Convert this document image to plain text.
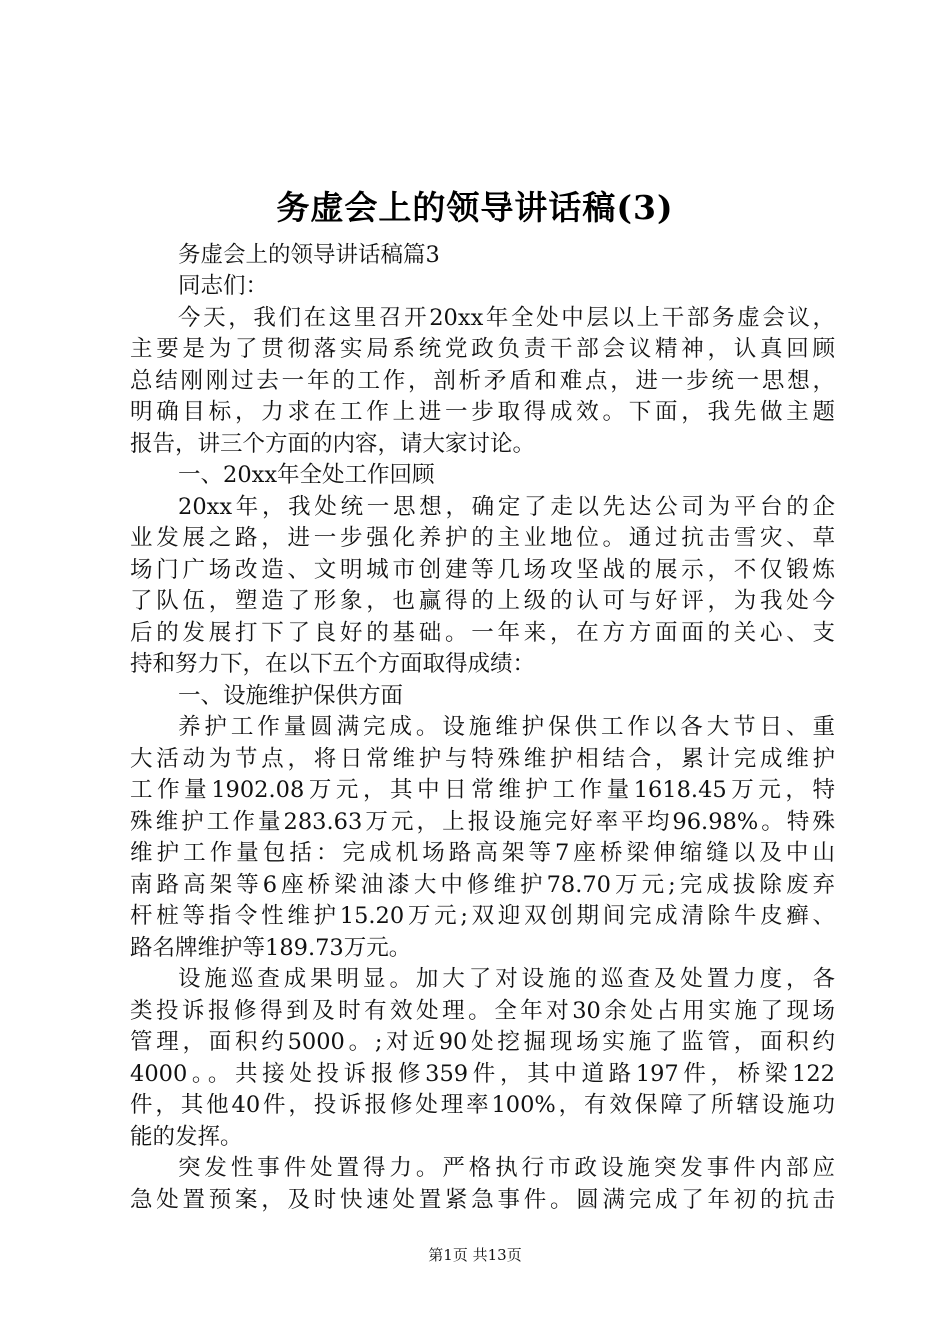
务虚会上的领导讲话稿(3)
务虚会上的领导讲话稿篇3
同志们：
今天，我们在这里召开20xx年全处中层以上干部务虚会议，
主要是为了贯彻落实局系统党政负责干部会议精神，认真回顾
总结刚刚过去一年的工作，剖析矛盾和难点，进一步统一思想，
明确目标，力求在工作上进一步取得成效。下面，我先做主题
报告，讲三个方面的内容，请大家讨论。
一、20xx年全处工作回顾
20xx年，我处统一思想，确定了走以先达公司为平台的企
业发展之路，进一步强化养护的主业地位。通过抗击雪灾、草
场门广场改造、文明城市创建等几场攻坚战的展示，不仅锻炼
了队伍，塑造了形象，也赢得的上级的认可与好评，为我处今
后的发展打下了良好的基础。一年来，在方方面面的关心、支
持和努力下，在以下五个方面取得成绩：
一、设施维护保供方面
养护工作量圆满完成。设施维护保供工作以各大节日、重
大活动为节点，将日常维护与特殊维护相结合，累计完成维护
工作量1902.08万元，其中日常维护工作量1618.45万元，特
殊维护工作量283.63万元，上报设施完好率平均96.98%。特殊
维护工作量包括：完成机场路高架等7座桥梁伸缩缝以及中山
南路高架等6座桥梁油漆大中修维护78.70万元;完成拔除废弃
杆桩等指令性维护15.20万元;双迎双创期间完成清除牛皮癣、
路名牌维护等189.73万元。
设施巡查成果明显。加大了对设施的巡查及处置力度，各
类投诉报修得到及时有效处理。全年对30余处占用实施了现场
管理，面积约5000。;对近90处挖掘现场实施了监管，面积约
4000。。共接处投诉报修359件，其中道路197件，桥梁122
件，其他40件，投诉报修处理率100%，有效保障了所辖设施功
能的发挥。
突发性事件处置得力。严格执行市政设施突发事件内部应
急处置预案，及时快速处置紧急事件。圆满完成了年初的抗击
第1页 共13页
